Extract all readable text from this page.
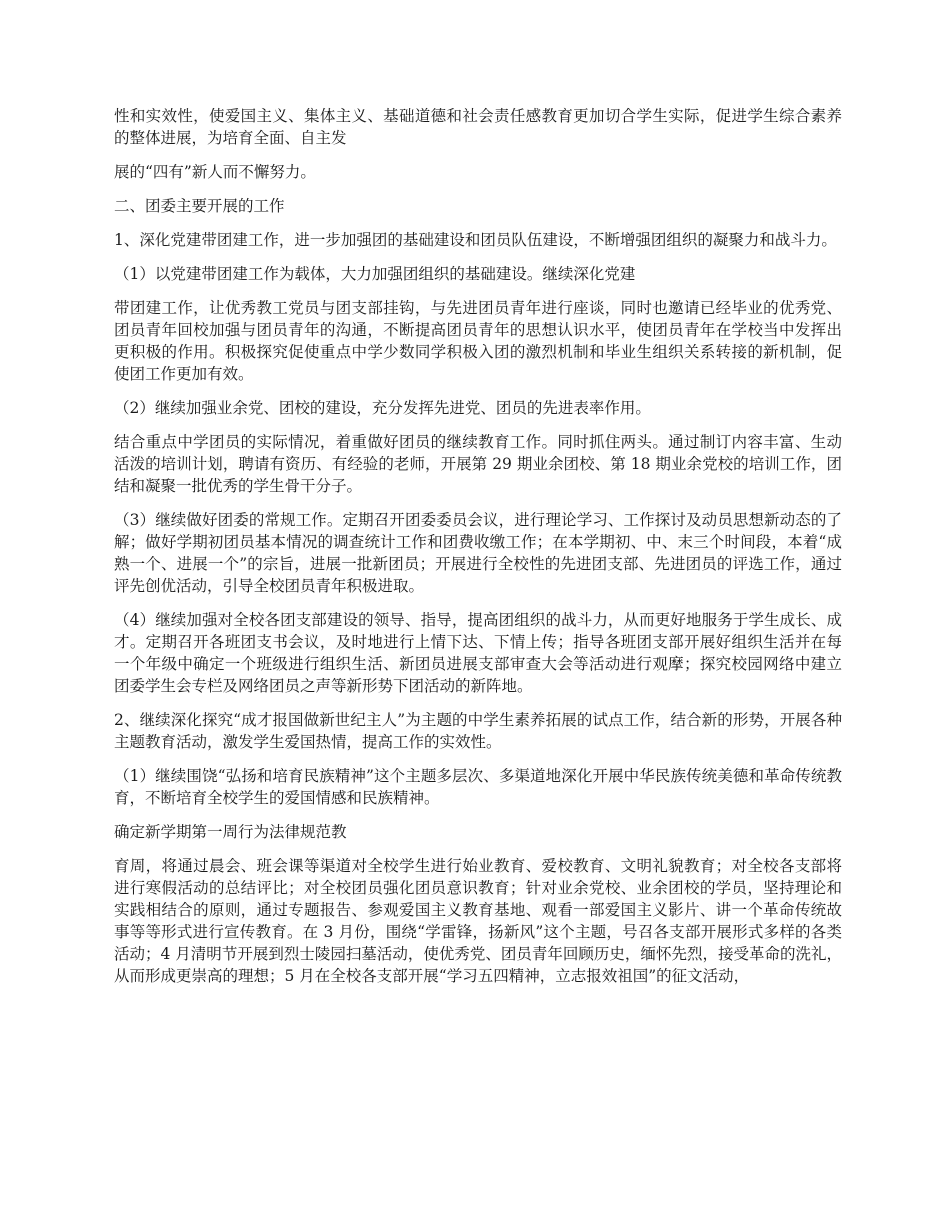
性和实效性，使爱国主义、集体主义、基础道德和社会责任感教育更加切合学生实际，促进学生综合素养的整体进展，为培育全面、自主发

展的“四有”新人而不懈努力。

二、团委主要开展的工作

1、深化党建带团建工作，进一步加强团的基础建设和团员队伍建设，不断增强团组织的凝聚力和战斗力。

（1）以党建带团建工作为载体，大力加强团组织的基础建设。继续深化党建

带团建工作，让优秀教工党员与团支部挂钩，与先进团员青年进行座谈，同时也邀请已经毕业的优秀党、团员青年回校加强与团员青年的沟通，不断提高团员青年的思想认识水平，使团员青年在学校当中发挥出更积极的作用。积极探究促使重点中学少数同学积极入团的激烈机制和毕业生组织关系转接的新机制，促使团工作更加有效。

（2）继续加强业余党、团校的建设，充分发挥先进党、团员的先进表率作用。

结合重点中学团员的实际情况，着重做好团员的继续教育工作。同时抓住两头。通过制订内容丰富、生动活泼的培训计划，聘请有资历、有经验的老师，开展第 29 期业余团校、第 18 期业余党校的培训工作，团结和凝聚一批优秀的学生骨干分子。

（3）继续做好团委的常规工作。定期召开团委委员会议，进行理论学习、工作探讨及动员思想新动态的了解；做好学期初团员基本情况的调查统计工作和团费收缴工作；在本学期初、中、末三个时间段，本着“成熟一个、进展一个”的宗旨，进展一批新团员；开展进行全校性的先进团支部、先进团员的评选工作，通过评先创优活动，引导全校团员青年积极进取。

（4）继续加强对全校各团支部建设的领导、指导，提高团组织的战斗力，从而更好地服务于学生成长、成才。定期召开各班团支书会议，及时地进行上情下达、下情上传；指导各班团支部开展好组织生活并在每一个年级中确定一个班级进行组织生活、新团员进展支部审查大会等活动进行观摩；探究校园网络中建立团委学生会专栏及网络团员之声等新形势下团活动的新阵地。

2、继续深化探究“成才报国做新世纪主人”为主题的中学生素养拓展的试点工作，结合新的形势，开展各种主题教育活动，激发学生爱国热情，提高工作的实效性。

（1）继续围饶“弘扬和培育民族精神”这个主题多层次、多渠道地深化开展中华民族传统美德和革命传统教育，不断培育全校学生的爱国情感和民族精神。

确定新学期第一周行为法律规范教

育周，将通过晨会、班会课等渠道对全校学生进行始业教育、爱校教育、文明礼貌教育；对全校各支部将进行寒假活动的总结评比；对全校团员强化团员意识教育；针对业余党校、业余团校的学员，坚持理论和实践相结合的原则，通过专题报告、参观爱国主义教育基地、观看一部爱国主义影片、讲一个革命传统故事等等形式进行宣传教育。在 3 月份，围绕“学雷锋，扬新风”这个主题，号召各支部开展形式多样的各类活动；4 月清明节开展到烈士陵园扫墓活动，使优秀党、团员青年回顾历史，缅怀先烈，接受革命的洗礼，从而形成更崇高的理想；5 月在全校各支部开展“学习五四精神，立志报效祖国”的征文活动，
